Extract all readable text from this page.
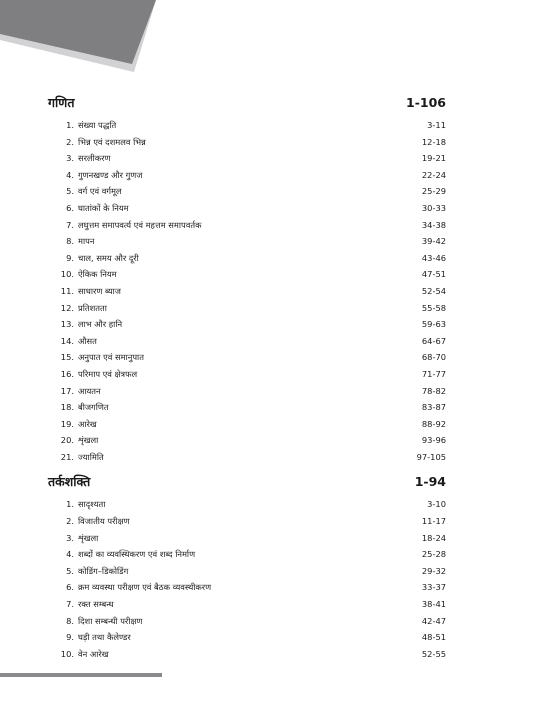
गणित	1-106
1. संख्या पद्धति	3-11
2. भिन्न एवं दशमलव भिन्न	12-18
3. सरलीकरण	19-21
4. गुणनखण्ड और गुणज	22-24
5. वर्ग एवं वर्गमूल	25-29
6. घातांकों के नियम	30-33
7. लघुत्तम समापवर्त्य एवं महत्तम समापवर्तक	34-38
8. मापन	39-42
9. चाल, समय और दूरी	43-46
10. ऐकिक नियम	47-51
11. साधारण ब्याज	52-54
12. प्रतिशतता	55-58
13. लाभ और हानि	59-63
14. औसत	64-67
15. अनुपात एवं समानुपात	68-70
16. परिमाप एवं क्षेत्रफल	71-77
17. आयतन	78-82
18. बीजगणित	83-87
19. आरेख	88-92
20. शृंखला	93-96
21. ज्यामिति	97-105
तर्कशक्ति	1-94
1. सादृश्यता	3-10
2. विजातीय परीक्षण	11-17
3. शृंखला	18-24
4. शब्दों का व्यवस्थिकरण एवं शब्द निर्माण	25-28
5. कोडिंग–डिकोडिंग	29-32
6. क्रम व्यवस्था परीक्षण एवं बैठक व्यवस्थीकरण	33-37
7. रक्त सम्बन्ध	38-41
8. दिशा सम्बन्धी परीक्षण	42-47
9. घड़ी तथा कैलेण्डर	48-51
10. वेन आरेख	52-55
